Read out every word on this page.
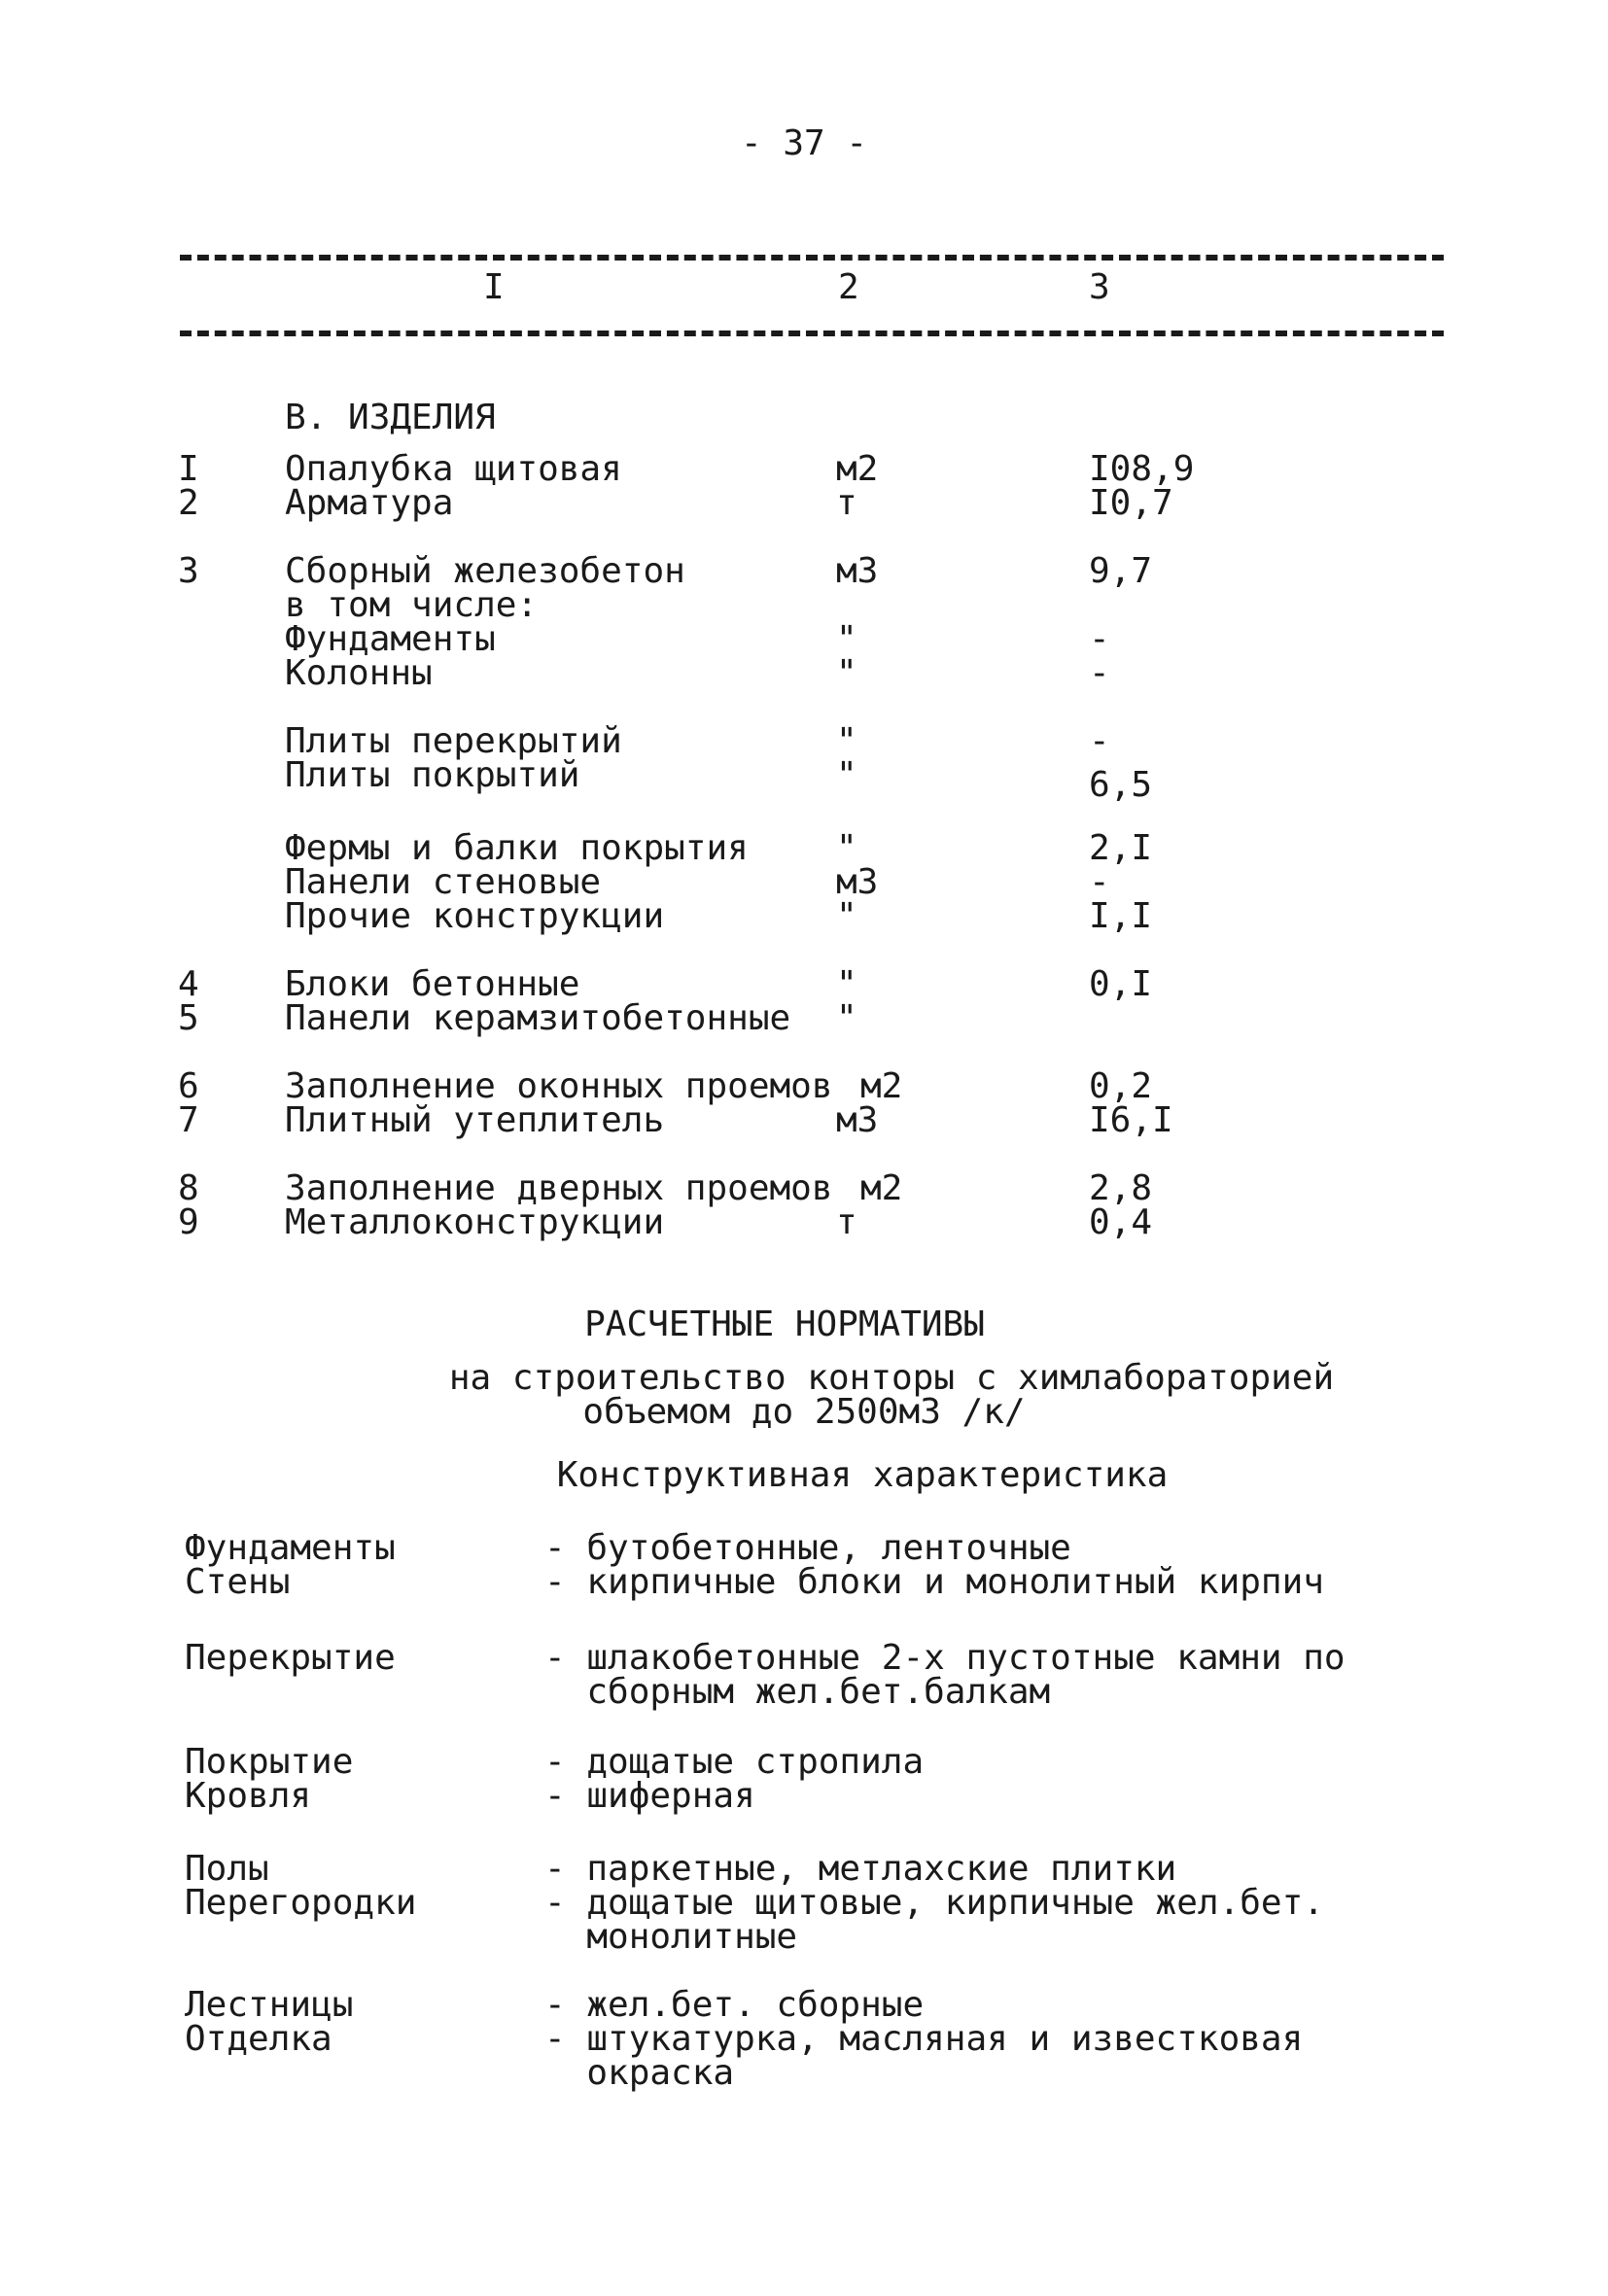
- 37 -
I	2	3
В. ИЗДЕЛИЯ
I Опалубка щитовая	м2	I08,9
2 Арматура	т	I0,7
3 Сборный железобетон	м3	9,7
в том числе:
Фундаменты	"	-
Колонны	"	-
Плиты перекрытий	"	-
Плиты покрытий	"	6,5
Фермы и балки покрытия	"	2,I
Панели стеновые	м3	-
Прочие конструкции	"	I,I
4 Блоки бетонные	"	0,I
5 Панели керамзитобетонные "
6 Заполнение оконных проемов м2	0,2
7 Плитный утеплитель	м3	I6,I
8 Заполнение дверных проемов м2	2,8
9 Металлоконструкции	т	0,4
РАСЧЕТНЫЕ НОРМАТИВЫ
на строительство конторы с химлабораторией
объемом до 2500м3 /к/
Конструктивная характеристика
Фундаменты	- бутобетонные, ленточные
Стены	- кирпичные блоки и монолитный кирпич
Перекрытие	- шлакобетонные 2-х пустотные камни по
сборным жел.бет.балкам
Покрытие	- дощатые стропила
Кровля	- шиферная
Полы	- паркетные, метлахские плитки
Перегородки	- дощатые щитовые, кирпичные жел.бет.
монолитные
Лестницы	- жел.бет. сборные
Отделка	- штукатурка, масляная и известковая
окраска
